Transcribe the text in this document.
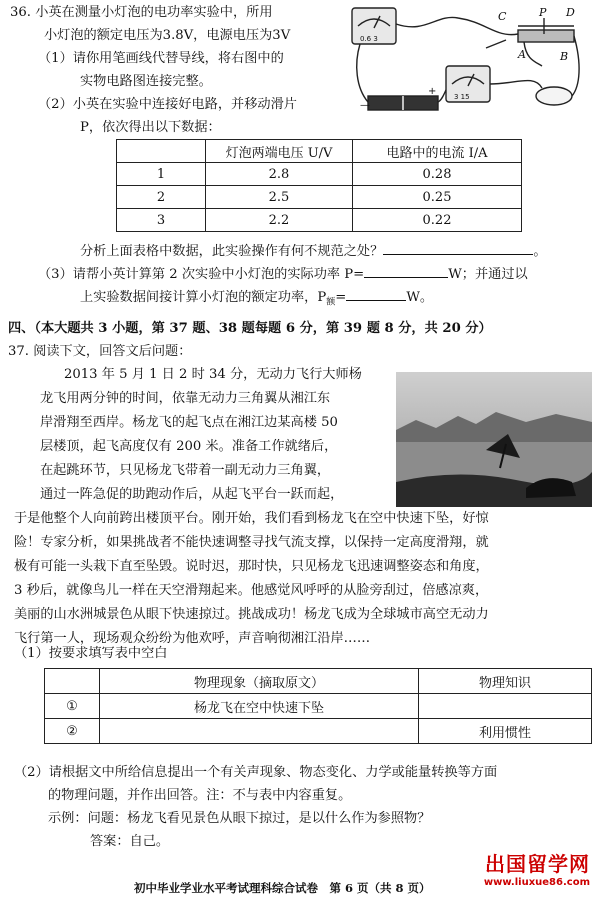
36. 小英在测量小灯泡的电功率实验中，所用
小灯泡的额定电压为3.8V，电源电压为3V
（1）请你用笔画线代替导线，将右图中的
实物电路图连接完整。
（2）小英在实验中连接好电路，并移动滑片
P，依次得出以下数据：
C	P D
A	B
0.6 3
3 15
—
+
	灯泡两端电压 U/V	电路中的电流 I/A
1	2.8	0.28
2	2.5	0.25
3	2.2	0.22
分析上面表格中数据，此实验操作有何不规范之处？	。
（3）请帮小英计算第 2 次实验中小灯泡的实际功率 P=	W；并通过以
上实验数据间接计算小灯泡的额定功率，$P_额=$	W。
四、（本大题共 3 小题，第 37 题、38 题每题 6 分，第 39 题 8 分，共 20 分）
37. 阅读下文，回答文后问题：
2013 年 5 月 1 日 2 时 34 分，无动力飞行大师杨
龙飞用两分钟的时间，依靠无动力三角翼从湘江东
岸滑翔至西岸。杨龙飞的起飞点在湘江边某高楼 50
层楼顶，起飞高度仅有 200 米。准备工作就绪后，
在起跳环节，只见杨龙飞带着一副无动力三角翼，
通过一阵急促的助跑动作后，从起飞平台一跃而起，
于是他整个人向前跨出楼顶平台。刚开始，我们看到杨龙飞在空中快速下坠，好惊
险！专家分析，如果挑战者不能快速调整寻找气流支撑，以保持一定高度滑翔，就
极有可能一头栽下直至坠毁。说时迟，那时快，只见杨龙飞迅速调整姿态和角度，
3 秒后，就像鸟儿一样在天空滑翔起来。他感觉风呼呼的从脸旁刮过，倍感凉爽，
美丽的山水洲城景色从眼下快速掠过。挑战成功！杨龙飞成为全球城市高空无动力
飞行第一人，现场观众纷纷为他欢呼，声音响彻湘江沿岸……
（1）按要求填写表中空白
	物理现象（摘取原文）	物理知识
①	杨龙飞在空中快速下坠	
②		利用惯性
（2）请根据文中所给信息提出一个有关声现象、物态变化、力学或能量转换等方面
的物理问题，并作出回答。注：不与表中内容重复。
示例：问题：杨龙飞看见景色从眼下掠过，是以什么作为参照物？
答案：自己。
出国留学网
www.liuxue86.com
初中毕业学业水平考试理科综合试卷　第 6 页（共 8 页）
